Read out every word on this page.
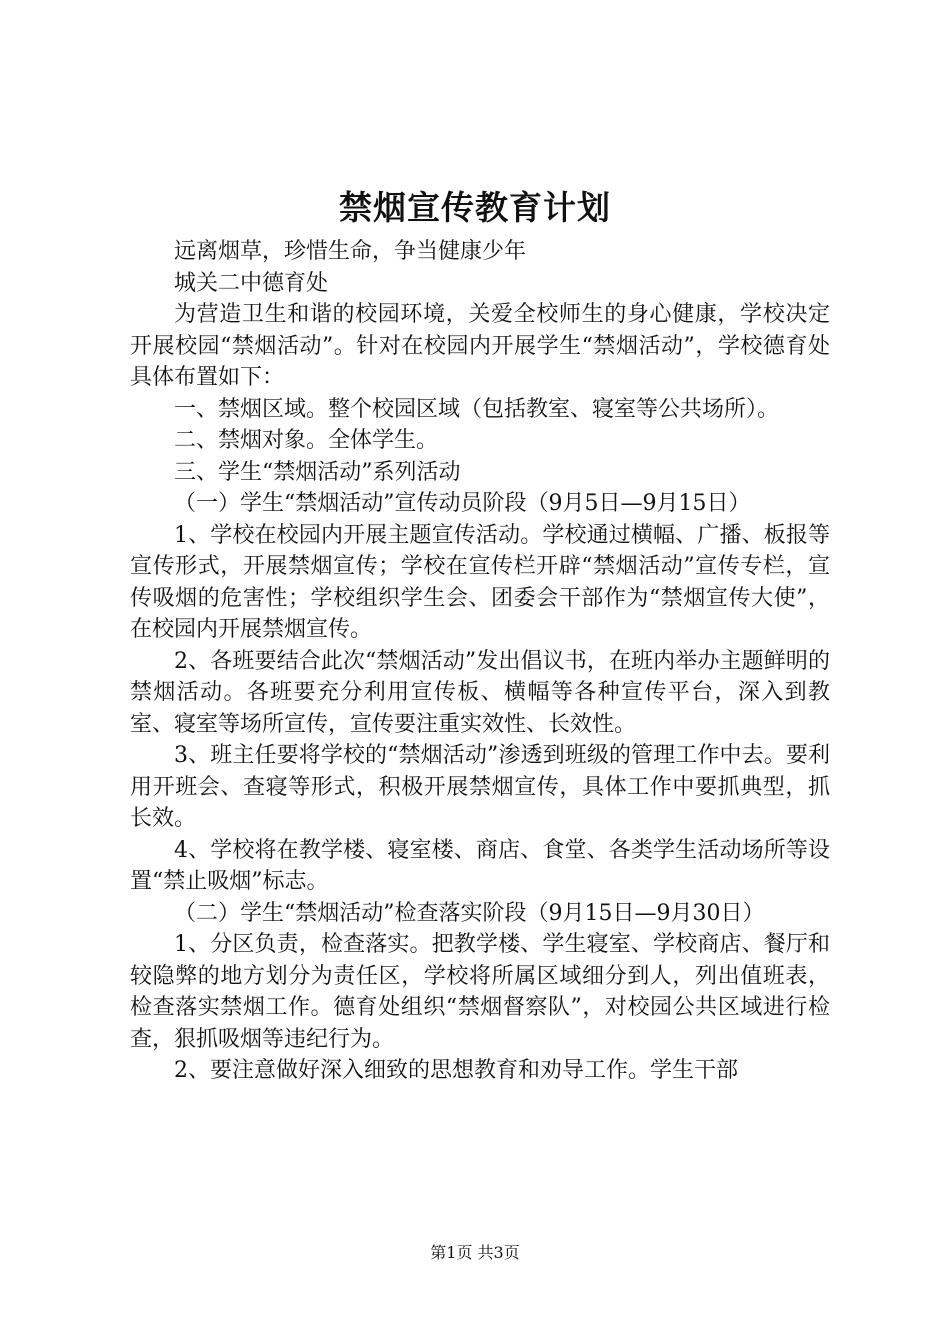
禁烟宣传教育计划

远离烟草，珍惜生命，争当健康少年

城关二中德育处

为营造卫生和谐的校园环境，关爱全校师生的身心健康，学校决定开展校园“禁烟活动”。针对在校园内开展学生“禁烟活动”，学校德育处具体布置如下：

一、禁烟区域。整个校园区域（包括教室、寝室等公共场所）。

二、禁烟对象。全体学生。

三、学生“禁烟活动”系列活动

（一）学生“禁烟活动”宣传动员阶段（9月5日—9月15日）

1、学校在校园内开展主题宣传活动。学校通过横幅、广播、板报等宣传形式，开展禁烟宣传；学校在宣传栏开辟“禁烟活动”宣传专栏，宣传吸烟的危害性；学校组织学生会、团委会干部作为“禁烟宣传大使”，在校园内开展禁烟宣传。

2、各班要结合此次“禁烟活动”发出倡议书，在班内举办主题鲜明的禁烟活动。各班要充分利用宣传板、横幅等各种宣传平台，深入到教室、寝室等场所宣传，宣传要注重实效性、长效性。

3、班主任要将学校的“禁烟活动”渗透到班级的管理工作中去。要利用开班会、查寝等形式，积极开展禁烟宣传，具体工作中要抓典型，抓长效。

4、学校将在教学楼、寝室楼、商店、食堂、各类学生活动场所等设置“禁止吸烟”标志。

（二）学生“禁烟活动”检查落实阶段（9月15日—9月30日）

1、分区负责，检查落实。把教学楼、学生寝室、学校商店、餐厅和较隐弊的地方划分为责任区，学校将所属区域细分到人，列出值班表，检查落实禁烟工作。德育处组织“禁烟督察队”，对校园公共区域进行检查，狠抓吸烟等违纪行为。

2、要注意做好深入细致的思想教育和劝导工作。学生干部

第1页 共3页
